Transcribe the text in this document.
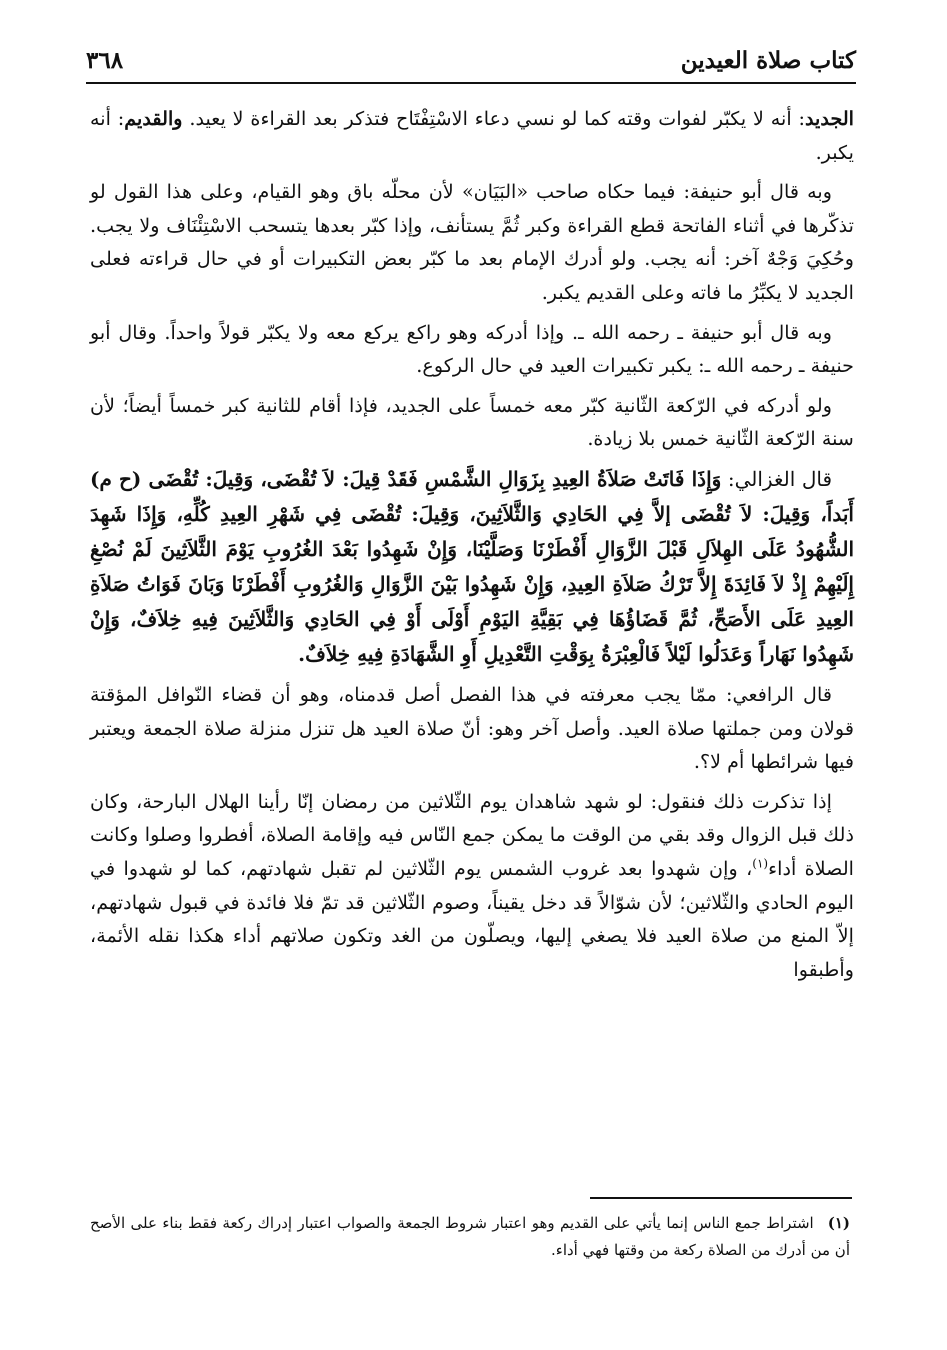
كتاب صلاة العيدين
٣٦٨

الجديد: أنه لا يكبّر لفوات وقته كما لو نسي دعاء الاسْتِفْتَاح فتذكر بعد القراءة لا يعيد. والقديم: أنه يكبر.

وبه قال أبو حنيفة: فيما حكاه صاحب «البَيَان» لأن محلّه باق وهو القيام، وعلى هذا القول لو تذكّرها في أثناء الفاتحة قطع القراءة وكبر ثُمَّ يستأنف، وإذا كبّر بعدها يتسحب الاسْتِئْنَاف ولا يجب. وحُكِيَ وَجْهٌ آخر: أنه يجب. ولو أدرك الإمام بعد ما كبّر بعض التكبيرات أو في حال قراءته فعلى الجديد لا يكبِّرُ ما فاته وعلى القديم يكبر.

وبه قال أبو حنيفة ـ رحمه الله ـ. وإذا أدركه وهو راكع يركع معه ولا يكبّر قولاً واحداً. وقال أبو حنيفة ـ رحمه الله ـ: يكبر تكبيرات العيد في حال الركوع.

ولو أدركه في الرّكعة الثّانية كبّر معه خمساً على الجديد، فإذا أقام للثانية كبر خمساً أيضاً؛ لأن سنة الرّكعة الثّانية خمس بلا زيادة.

قال الغزالي: وَإِذَا فَاتَتْ صَلاَةُ العِيدِ بِزَوَالِ الشَّمْسِ فَقَدْ قِيلَ: لاَ تُقْضَى، وَقِيلَ: تُقْضَى (ح م) أَبَداً، وَقِيلَ: لاَ تُقْضَى إلاَّ فِي الحَادِي وَالثَّلاَثِينَ، وَقِيلَ: تُقْضَى فِي شَهْرِ العِيدِ كُلِّهِ، وَإِذَا شَهِدَ الشُّهُودُ عَلَى الهِلاَلِ قَبْلَ الزَّوَالِ أَفْطَرْنَا وَصَلَّيْنَا، وَإِنْ شَهِدُوا بَعْدَ الغُرُوبِ يَوْمَ الثَّلاَثِينَ لَمْ نُصْغِ إِلَيْهِمْ إِذْ لاَ فَائِدَةَ إِلاَّ تَرْكُ صَلاَةِ العِيدِ، وَإِنْ شَهِدُوا بَيْنَ الزَّوَالِ وَالغُرُوبِ أَفْطَرْنَا وَبَانَ فَوَاتُ صَلاَةِ العِيدِ عَلَى الأَصَحِّ، ثُمَّ قَضَاؤُهَا فِي بَقِيَّةِ اليَوْمِ أَوْلَى أَوْ فِي الحَادِي وَالثَّلاَثِينَ فِيهِ خِلاَفٌ، وَإِنْ شَهِدُوا نَهَاراً وَعَدَلُوا لَيْلاً فَالْعِبْرَةُ بِوَقْتِ التَّعْدِيلِ أَوِ الشَّهَادَةِ فِيهِ خِلاَفٌ.

قال الرافعي: ممّا يجب معرفته في هذا الفصل أصل قدمناه، وهو أن قضاء النّوافل المؤقتة قولان ومن جملتها صلاة العيد. وأصل آخر وهو: أنّ صلاة العيد هل تنزل منزلة صلاة الجمعة ويعتبر فيها شرائطها أم لا؟.

إذا تذكرت ذلك فنقول: لو شهد شاهدان يوم الثّلاثين من رمضان إنّا رأينا الهلال البارحة، وكان ذلك قبل الزوال وقد بقي من الوقت ما يمكن جمع النّاس فيه وإقامة الصلاة، أفطروا وصلوا وكانت الصلاة أداء$^{(١)}$، وإن شهدوا بعد غروب الشمس يوم الثّلاثين لم تقبل شهادتهم، كما لو شهدوا في اليوم الحادي والثّلاثين؛ لأن شوّالاً قد دخل يقيناً، وصوم الثّلاثين قد تمّ فلا فائدة في قبول شهادتهم، إلاّ المنع من صلاة العيد فلا يصغي إليها، ويصلّون من الغد وتكون صلاتهم أداء هكذا نقله الأئمة، وأطبقوا

(١)اشتراط جمع الناس إنما يأتي على القديم وهو اعتبار شروط الجمعة والصواب اعتبار إدراك ركعة فقط بناء على الأصح أن من أدرك من الصلاة ركعة من وقتها فهي أداء.
